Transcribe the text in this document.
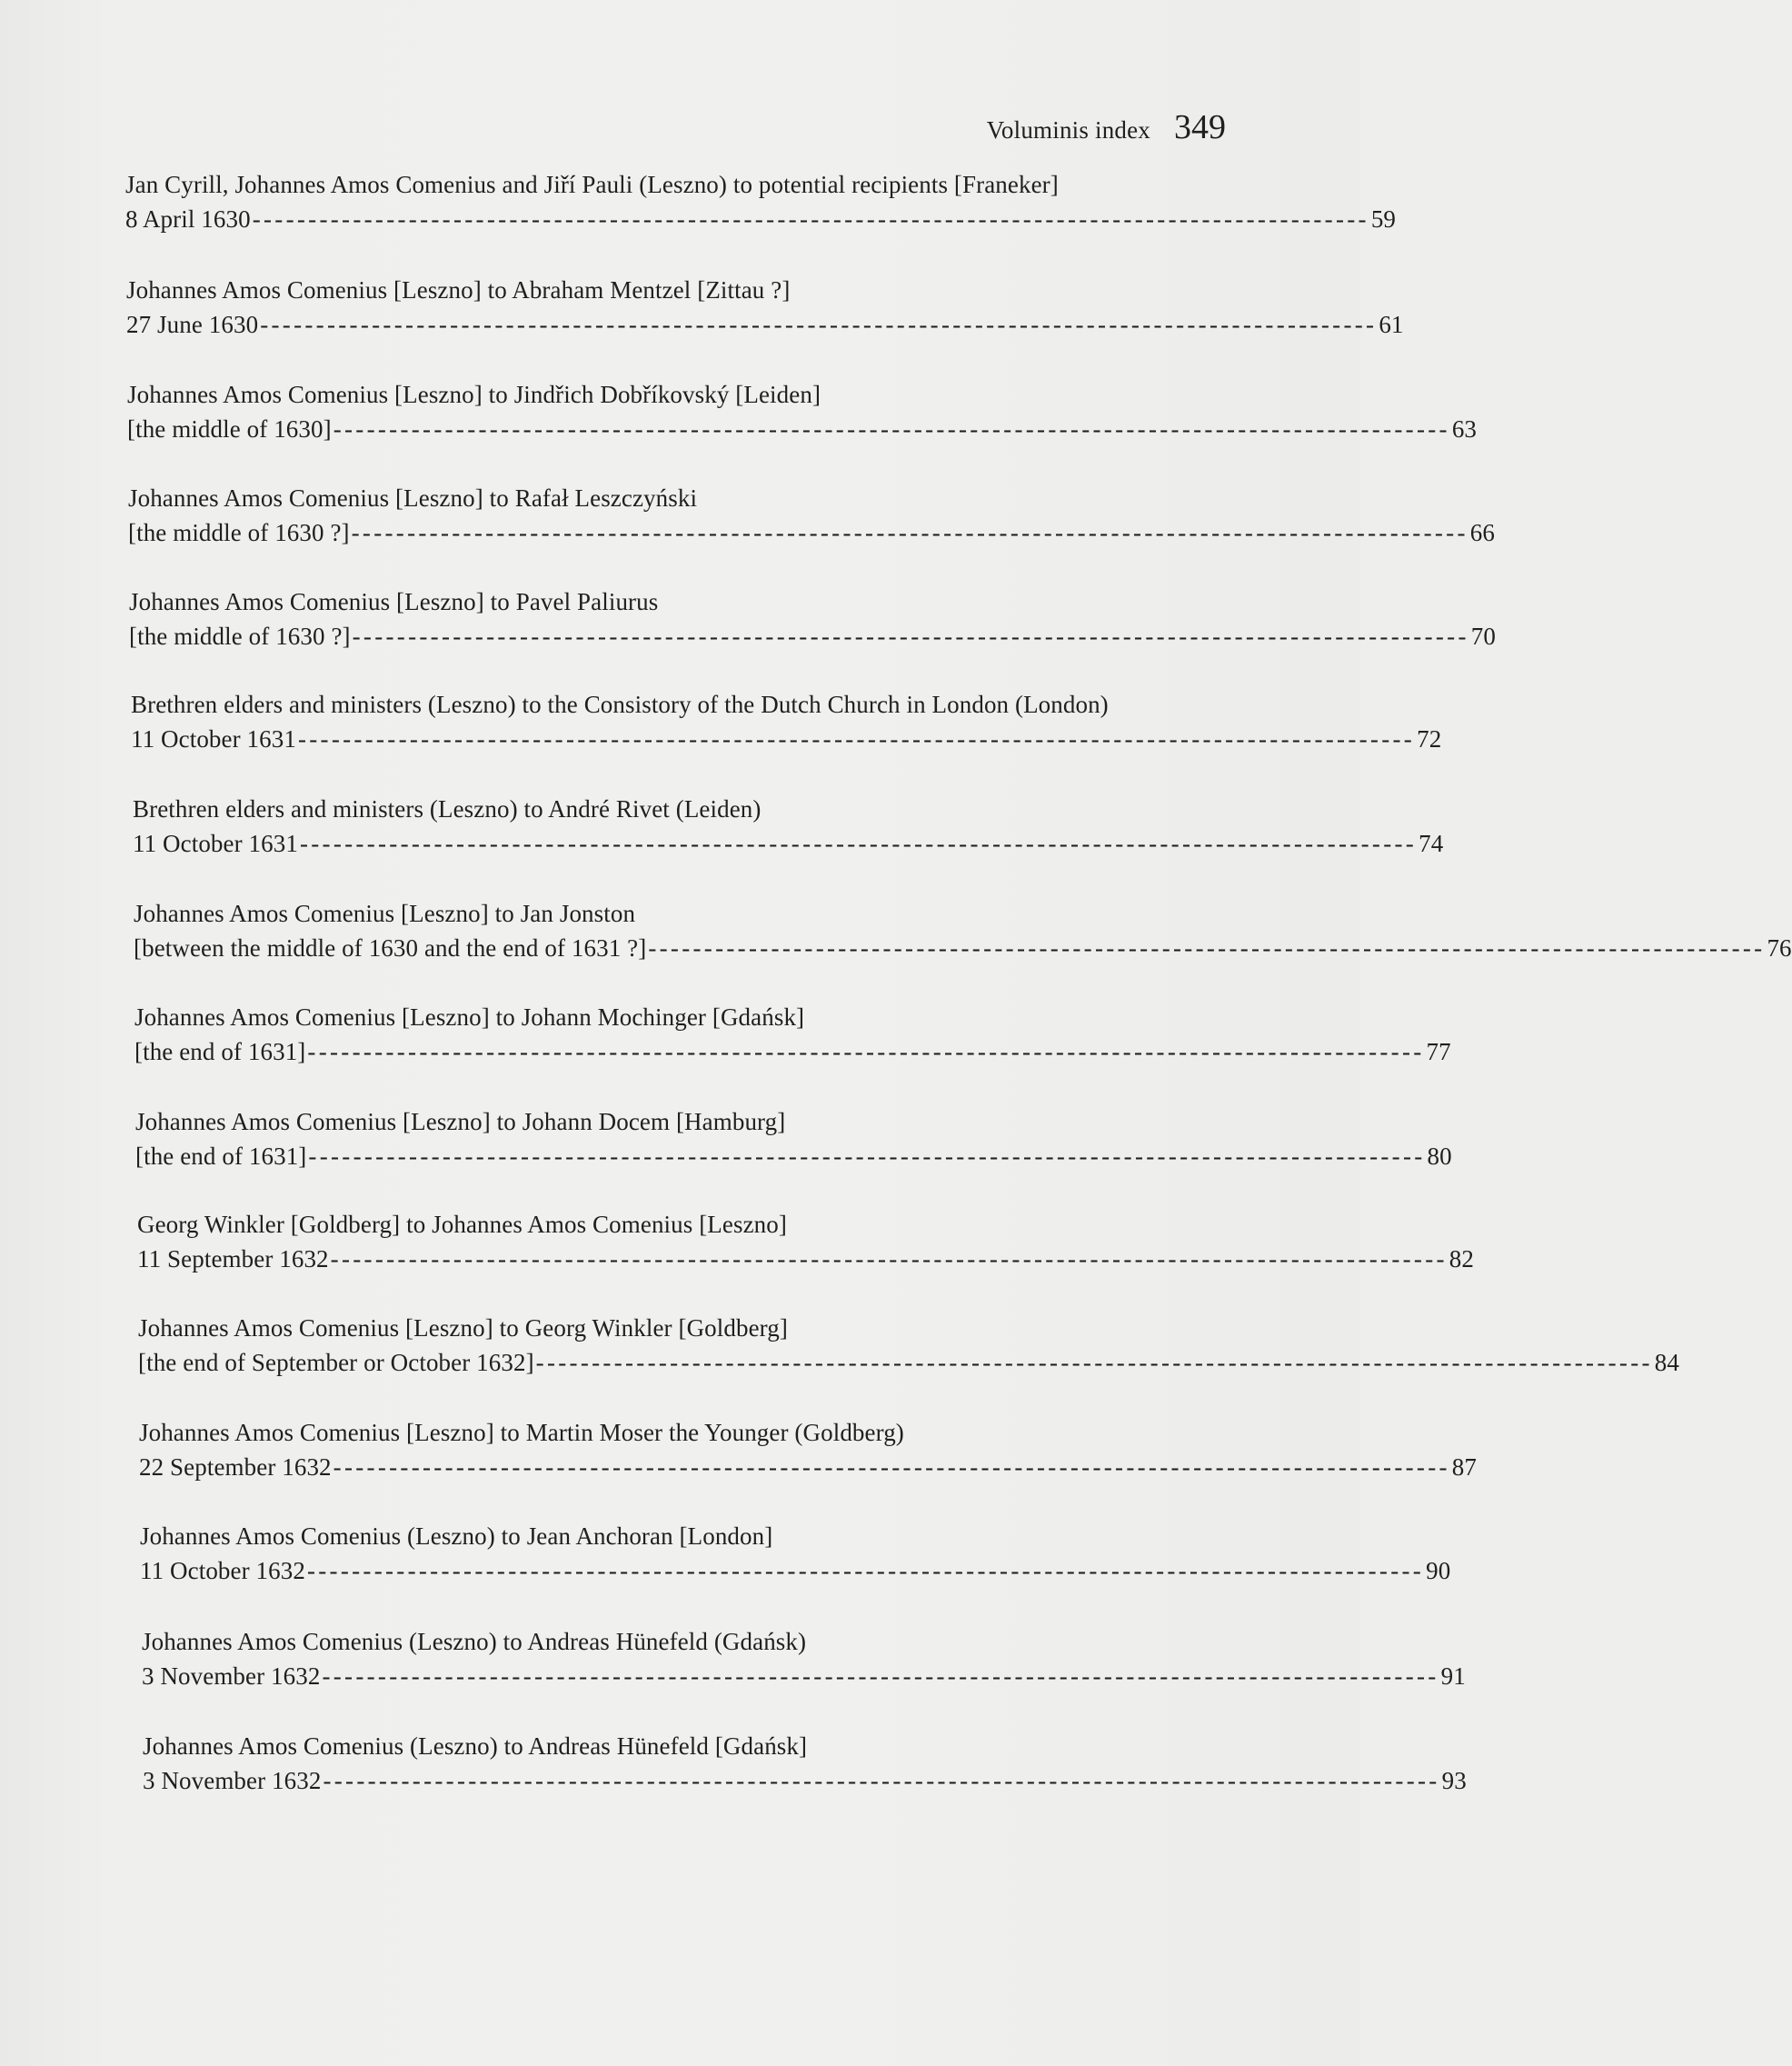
Voluminis index 349
Jan Cyrill, Johannes Amos Comenius and Jiří Pauli (Leszno) to potential recipients [Franeker]
8 April 1630 ---------------------------------------------------------------------------------------------------- 59
Johannes Amos Comenius [Leszno] to Abraham Mentzel [Zittau ?]
27 June 1630 ---------------------------------------------------------------------------------------------------- 61
Johannes Amos Comenius [Leszno] to Jindřich Dobříkovský [Leiden]
[the middle of 1630] ---------------------------------------------------------------------------------------------------- 63
Johannes Amos Comenius [Leszno] to Rafał Leszczyński
[the middle of 1630 ?] ---------------------------------------------------------------------------------------------------- 66
Johannes Amos Comenius [Leszno] to Pavel Paliurus
[the middle of 1630 ?] ---------------------------------------------------------------------------------------------------- 70
Brethren elders and ministers (Leszno) to the Consistory of the Dutch Church in London (London)
11 October 1631 ---------------------------------------------------------------------------------------------------- 72
Brethren elders and ministers (Leszno) to André Rivet (Leiden)
11 October 1631 ---------------------------------------------------------------------------------------------------- 74
Johannes Amos Comenius [Leszno] to Jan Jonston
[between the middle of 1630 and the end of 1631 ?] ---------------------------------------------------------------------------------------------------- 76
Johannes Amos Comenius [Leszno] to Johann Mochinger [Gdańsk]
[the end of 1631] ---------------------------------------------------------------------------------------------------- 77
Johannes Amos Comenius [Leszno] to Johann Docem [Hamburg]
[the end of 1631] ---------------------------------------------------------------------------------------------------- 80
Georg Winkler [Goldberg] to Johannes Amos Comenius [Leszno]
11 September 1632 ---------------------------------------------------------------------------------------------------- 82
Johannes Amos Comenius [Leszno] to Georg Winkler [Goldberg]
[the end of September or October 1632] ---------------------------------------------------------------------------------------------------- 84
Johannes Amos Comenius [Leszno] to Martin Moser the Younger (Goldberg)
22 September 1632 ---------------------------------------------------------------------------------------------------- 87
Johannes Amos Comenius (Leszno) to Jean Anchoran [London]
11 October 1632 ---------------------------------------------------------------------------------------------------- 90
Johannes Amos Comenius (Leszno) to Andreas Hünefeld (Gdańsk)
3 November 1632 ---------------------------------------------------------------------------------------------------- 91
Johannes Amos Comenius (Leszno) to Andreas Hünefeld [Gdańsk]
3 November 1632 ---------------------------------------------------------------------------------------------------- 93
